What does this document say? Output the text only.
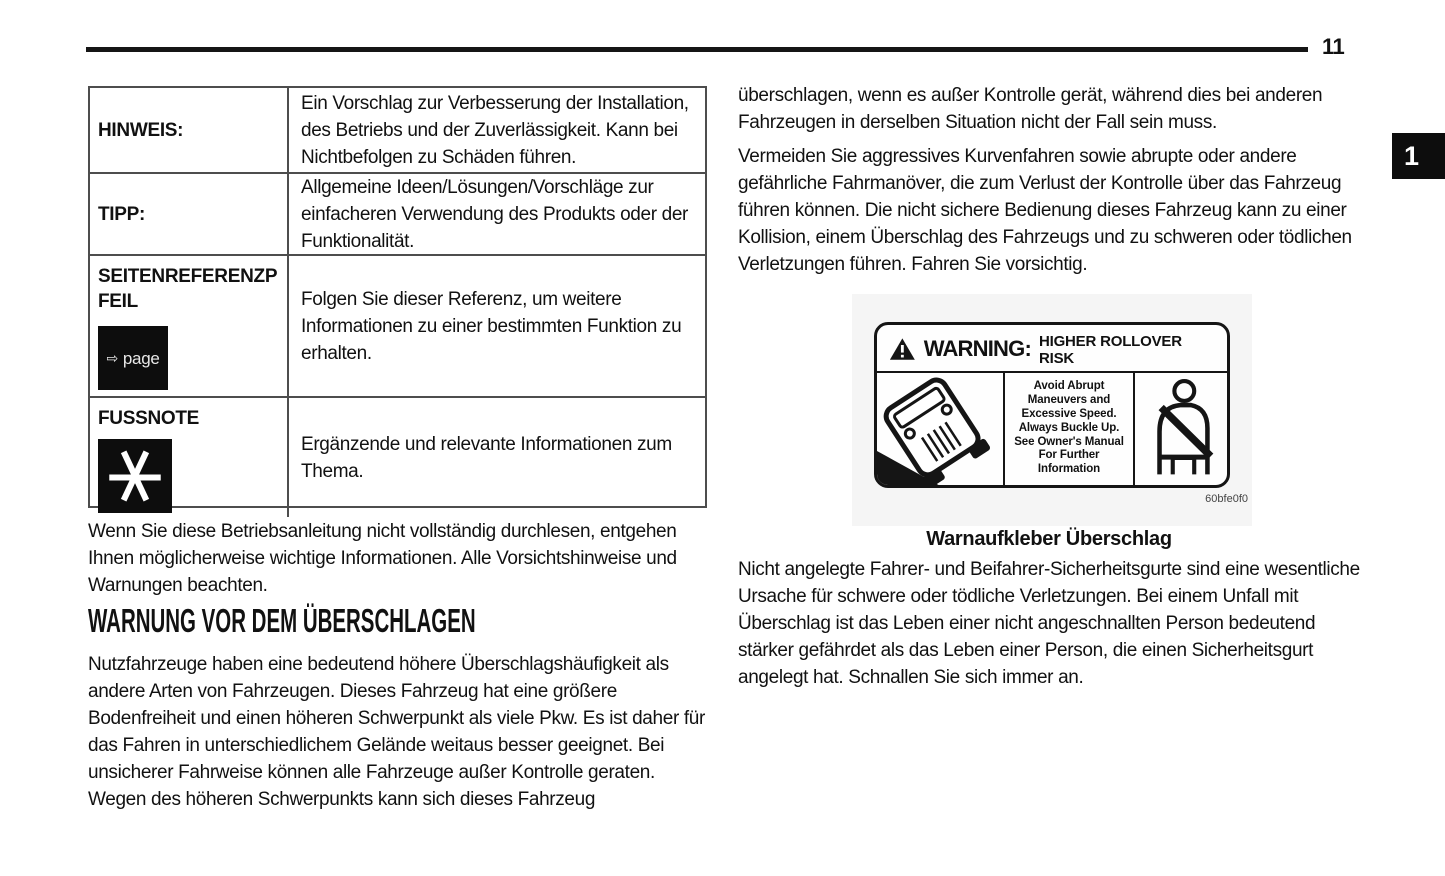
11
1
HINWEIS:
Ein Vorschlag zur Verbesserung der Installation, des Betriebs und der Zuverlässigkeit. Kann bei Nichtbefolgen zu Schäden führen.
TIPP:
Allgemeine Ideen/Lösungen/Vorschläge zur einfacheren Verwendung des Produkts oder der Funktionalität.
SEITENREFERENZPFEIL
⇨ page
Folgen Sie dieser Referenz, um weitere Informationen zu einer bestimmten Funktion zu erhalten.
FUSSNOTE
Ergänzende und relevante Informationen zum Thema.

Wenn Sie diese Betriebsanleitung nicht vollständig durchlesen, entgehen Ihnen möglicherweise wichtige Informationen. Alle Vorsichtshinweise und Warnungen beachten.

WARNUNG VOR DEM ÜBERSCHLAGEN

Nutzfahrzeuge haben eine bedeutend höhere Überschlagshäufigkeit als andere Arten von Fahrzeugen. Dieses Fahrzeug hat eine größere Bodenfreiheit und einen höheren Schwerpunkt als viele Pkw. Es ist daher für das Fahren in unterschiedlichem Gelände weitaus besser geeignet. Bei unsicherer Fahrweise können alle Fahrzeuge außer Kontrolle geraten. Wegen des höheren Schwerpunkts kann sich dieses Fahrzeug

überschlagen, wenn es außer Kontrolle gerät, während dies bei anderen Fahrzeugen in derselben Situation nicht der Fall sein muss.

Vermeiden Sie aggressives Kurvenfahren sowie abrupte oder andere gefährliche Fahrmanöver, die zum Verlust der Kontrolle über das Fahrzeug führen können. Die nicht sichere Bedienung dieses Fahrzeug kann zu einer Kollision, einem Überschlag des Fahrzeugs und zu schweren oder tödlichen Verletzungen führen. Fahren Sie vorsichtig.

WARNING: HIGHER ROLLOVER RISK

Avoid Abrupt Maneuvers and Excessive Speed.

Always Buckle Up.

See Owner's Manual For Further Information

60bfe0f0
Warnaufkleber Überschlag

Nicht angelegte Fahrer- und Beifahrer-Sicherheitsgurte sind eine wesentliche Ursache für schwere oder tödliche Verletzungen. Bei einem Unfall mit Überschlag ist das Leben einer nicht angeschnallten Person bedeutend stärker gefährdet als das Leben einer Person, die einen Sicherheitsgurt angelegt hat. Schnallen Sie sich immer an.
